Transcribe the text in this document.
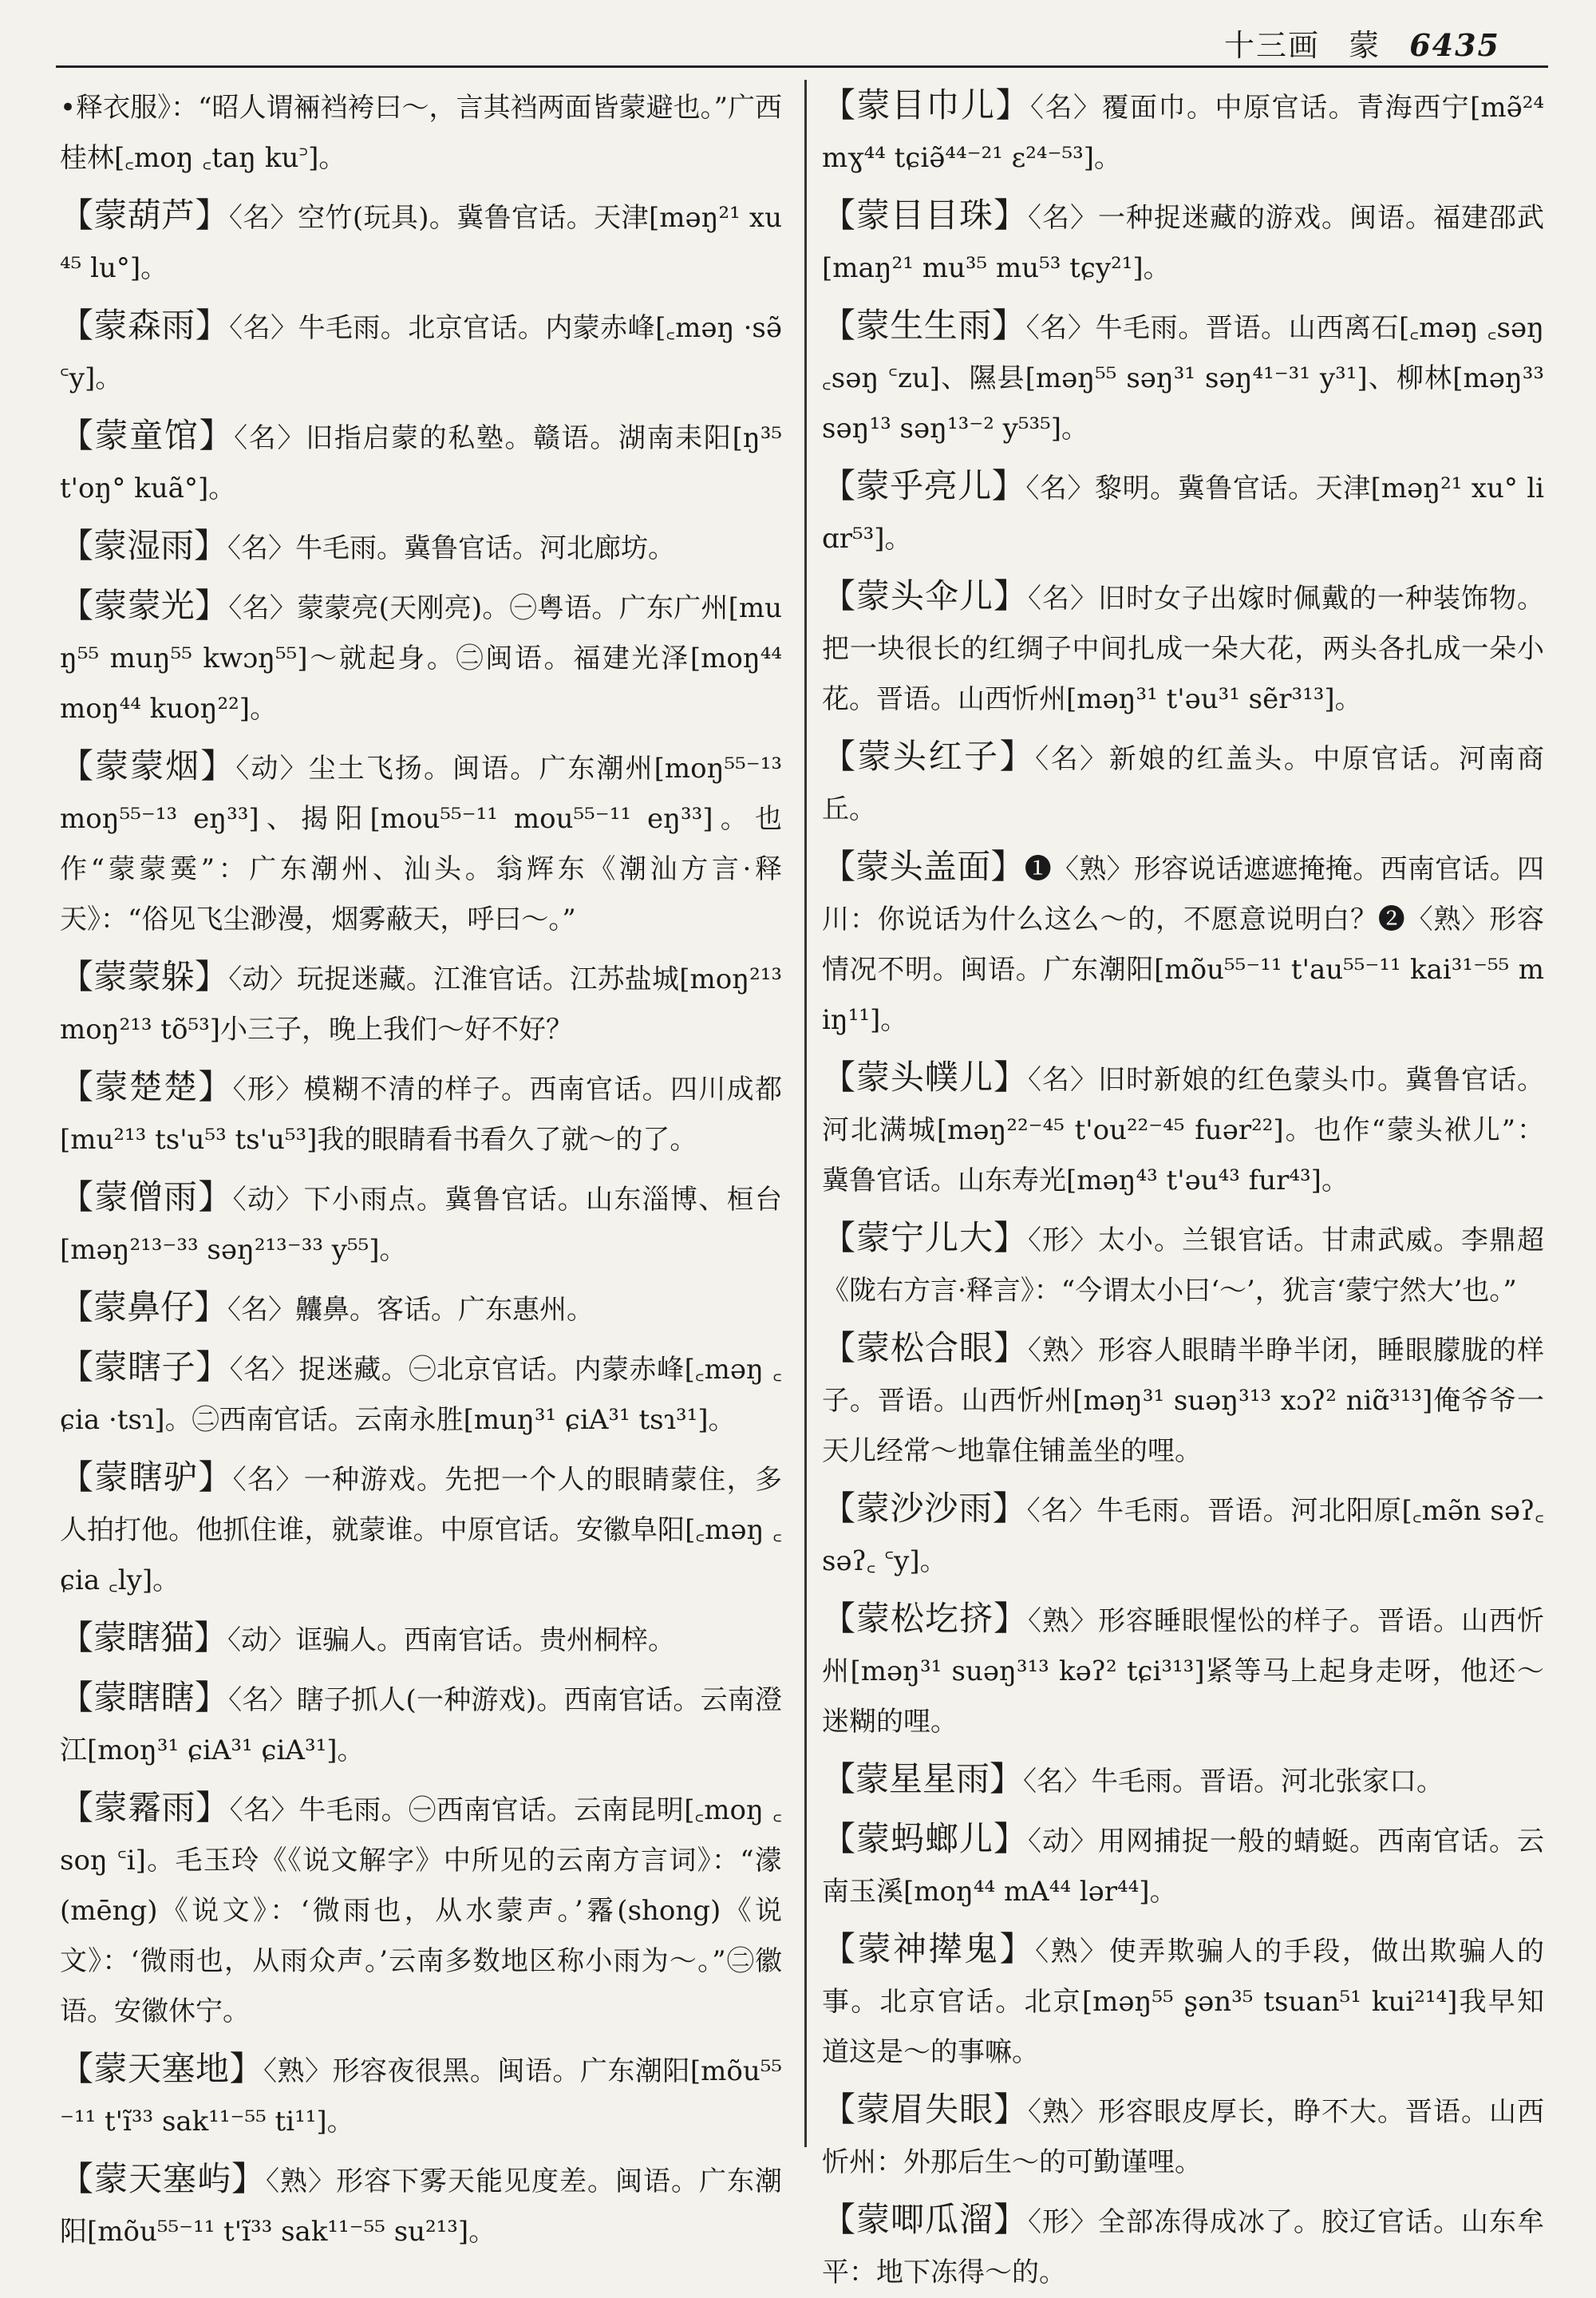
十三画 蒙 6435

•释衣服》：“昭人谓裲裆袴曰～，言其裆两面皆蒙避也。”广西桂林[꜀moŋ ꜀taŋ ku꜄]。

【蒙葫芦】〈名〉空竹(玩具)。冀鲁官话。天津[məŋ²¹ xu⁴⁵ lu°]。

【蒙森雨】〈名〉牛毛雨。北京官话。内蒙赤峰[꜀məŋ ·sə̃ ꜂y]。

【蒙童馆】〈名〉旧指启蒙的私塾。赣语。湖南耒阳[ŋ³⁵ t'oŋ° kuã°]。

【蒙湿雨】〈名〉牛毛雨。冀鲁官话。河北廊坊。

【蒙蒙光】〈名〉蒙蒙亮(天刚亮)。㊀粤语。广东广州[muŋ⁵⁵ muŋ⁵⁵ kwɔŋ⁵⁵]～就起身。㊁闽语。福建光泽[moŋ⁴⁴ moŋ⁴⁴ kuoŋ²²]。

【蒙蒙烟】〈动〉尘土飞扬。闽语。广东潮州[moŋ⁵⁵⁻¹³ moŋ⁵⁵⁻¹³ eŋ³³]、揭阳[mou⁵⁵⁻¹¹ mou⁵⁵⁻¹¹ eŋ³³]。也作“蒙蒙霙”：广东潮州、汕头。翁辉东《潮汕方言·释天》：“俗见飞尘渺漫，烟雾蔽天，呼曰～。”

【蒙蒙躲】〈动〉玩捉迷藏。江淮官话。江苏盐城[moŋ²¹³ moŋ²¹³ tõ⁵³]小三子，晚上我们～好不好？

【蒙楚楚】〈形〉模糊不清的样子。西南官话。四川成都[mu²¹³ ts'u⁵³ ts'u⁵³]我的眼睛看书看久了就～的了。

【蒙僧雨】〈动〉下小雨点。冀鲁官话。山东淄博、桓台[məŋ²¹³⁻³³ səŋ²¹³⁻³³ y⁵⁵]。

【蒙鼻仔】〈名〉齉鼻。客话。广东惠州。

【蒙瞎子】〈名〉捉迷藏。㊀北京官话。内蒙赤峰[꜀məŋ ꜀ɕia ·tsɿ]。㊁西南官话。云南永胜[muŋ³¹ ɕiA³¹ tsɿ³¹]。

【蒙瞎驴】〈名〉一种游戏。先把一个人的眼睛蒙住，多人拍打他。他抓住谁，就蒙谁。中原官话。安徽阜阳[꜀məŋ ꜀ɕia ꜀ly]。

【蒙瞎猫】〈动〉诓骗人。西南官话。贵州桐梓。

【蒙瞎瞎】〈名〉瞎子抓人(一种游戏)。西南官话。云南澄江[moŋ³¹ ɕiA³¹ ɕiA³¹]。

【蒙霿雨】〈名〉牛毛雨。㊀西南官话。云南昆明[꜀moŋ ꜀soŋ ꜂i]。毛玉玲《《说文解字》中所见的云南方言词》：“濛(mēng)《说文》：‘微雨也，从水蒙声。’霿(shong)《说文》：‘微雨也，从雨众声。’云南多数地区称小雨为～。”㊁徽语。安徽休宁。

【蒙天塞地】〈熟〉形容夜很黑。闽语。广东潮阳[mõu⁵⁵⁻¹¹ t'ĩ³³ sak¹¹⁻⁵⁵ ti¹¹]。

【蒙天塞屿】〈熟〉形容下雾天能见度差。闽语。广东潮阳[mõu⁵⁵⁻¹¹ t'ĩ³³ sak¹¹⁻⁵⁵ su²¹³]。

【蒙目巾儿】〈名〉覆面巾。中原官话。青海西宁[mə̃²⁴ mɣ⁴⁴ tɕiə̃⁴⁴⁻²¹ ɛ²⁴⁻⁵³]。

【蒙目目珠】〈名〉一种捉迷藏的游戏。闽语。福建邵武[maŋ²¹ mu³⁵ mu⁵³ tɕy²¹]。

【蒙生生雨】〈名〉牛毛雨。晋语。山西离石[꜀məŋ ꜀səŋ ꜀səŋ ꜂zu]、隰县[məŋ⁵⁵ səŋ³¹ səŋ⁴¹⁻³¹ y³¹]、柳林[məŋ³³ səŋ¹³ səŋ¹³⁻² y⁵³⁵]。

【蒙乎亮儿】〈名〉黎明。冀鲁官话。天津[məŋ²¹ xu° liɑr⁵³]。

【蒙头伞儿】〈名〉旧时女子出嫁时佩戴的一种装饰物。把一块很长的红绸子中间扎成一朵大花，两头各扎成一朵小花。晋语。山西忻州[məŋ³¹ t'əu³¹ sẽr³¹³]。

【蒙头红子】〈名〉新娘的红盖头。中原官话。河南商丘。

【蒙头盖面】❶〈熟〉形容说话遮遮掩掩。西南官话。四川：你说话为什么这么～的，不愿意说明白？❷〈熟〉形容情况不明。闽语。广东潮阳[mõu⁵⁵⁻¹¹ t'au⁵⁵⁻¹¹ kai³¹⁻⁵⁵ miŋ¹¹]。

【蒙头幞儿】〈名〉旧时新娘的红色蒙头巾。冀鲁官话。河北满城[məŋ²²⁻⁴⁵ t'ou²²⁻⁴⁵ fuər²²]。也作“蒙头袱儿”：冀鲁官话。山东寿光[məŋ⁴³ t'əu⁴³ fur⁴³]。

【蒙宁儿大】〈形〉太小。兰银官话。甘肃武威。李鼎超《陇右方言·释言》：“今谓太小曰‘～’，犹言‘蒙宁然大’也。”

【蒙松合眼】〈熟〉形容人眼睛半睁半闭，睡眼朦胧的样子。晋语。山西忻州[məŋ³¹ suəŋ³¹³ xɔʔ² niɑ̃³¹³]俺爷爷一天儿经常～地靠住铺盖坐的哩。

【蒙沙沙雨】〈名〉牛毛雨。晋语。河北阳原[꜀mə̃n səʔ꜀ səʔ꜀ ꜂y]。

【蒙松圪挤】〈熟〉形容睡眼惺忪的样子。晋语。山西忻州[məŋ³¹ suəŋ³¹³ kəʔ² tɕi³¹³]紧等马上起身走呀，他还～迷糊的哩。

【蒙星星雨】〈名〉牛毛雨。晋语。河北张家口。

【蒙蚂螂儿】〈动〉用网捕捉一般的蜻蜓。西南官话。云南玉溪[moŋ⁴⁴ mA⁴⁴ lər⁴⁴]。

【蒙神撵鬼】〈熟〉使弄欺骗人的手段，做出欺骗人的事。北京官话。北京[məŋ⁵⁵ ʂən³⁵ tsuan⁵¹ kui²¹⁴]我早知道这是～的事嘛。

【蒙眉失眼】〈熟〉形容眼皮厚长，睁不大。晋语。山西忻州：外那后生～的可勤谨哩。

【蒙唧瓜溜】〈形〉全部冻得成冰了。胶辽官话。山东牟平：地下冻得～的。
